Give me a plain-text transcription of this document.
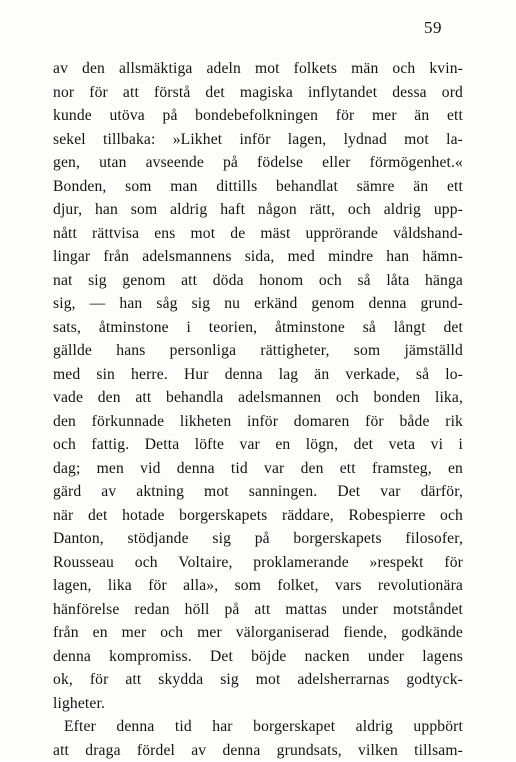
59
av den allsmäktiga adeln mot folkets män och kvin-
nor för att förstå det magiska inflytandet dessa ord
kunde utöva på bondebefolkningen för mer än ett
sekel tillbaka: »Likhet inför lagen, lydnad mot la-
gen, utan avseende på födelse eller förmögenhet.«
Bonden, som man dittills behandlat sämre än ett
djur, han som aldrig haft någon rätt, och aldrig upp-
nått rättvisa ens mot de mäst upprörande våldshand-
lingar från adelsmannens sida, med mindre han hämn-
nat sig genom att döda honom och så låta hänga
sig, — han såg sig nu erkänd genom denna grund-
sats, åtminstone i teorien, åtminstone så långt det
gällde hans personliga rättigheter, som jämställd
med sin herre. Hur denna lag än verkade, så lo-
vade den att behandla adelsmannen och bonden lika,
den förkunnade likheten inför domaren för både rik
och fattig. Detta löfte var en lögn, det veta vi i
dag; men vid denna tid var den ett framsteg, en
gärd av aktning mot sanningen. Det var därför,
när det hotade borgerskapets räddare, Robespierre och
Danton, stödjande sig på borgerskapets filosofer,
Rousseau och Voltaire, proklamerande »respekt för
lagen, lika för alla», som folket, vars revolutionära
hänförelse redan höll på att mattas under motståndet
från en mer och mer välorganiserad fiende, godkände
denna kompromiss. Det böjde nacken under lagens
ok, för att skydda sig mot adelsherrarnas godtyck-
ligheter.
Efter denna tid har borgerskapet aldrig uppbört
att draga fördel av denna grundsats, vilken tillsam-
